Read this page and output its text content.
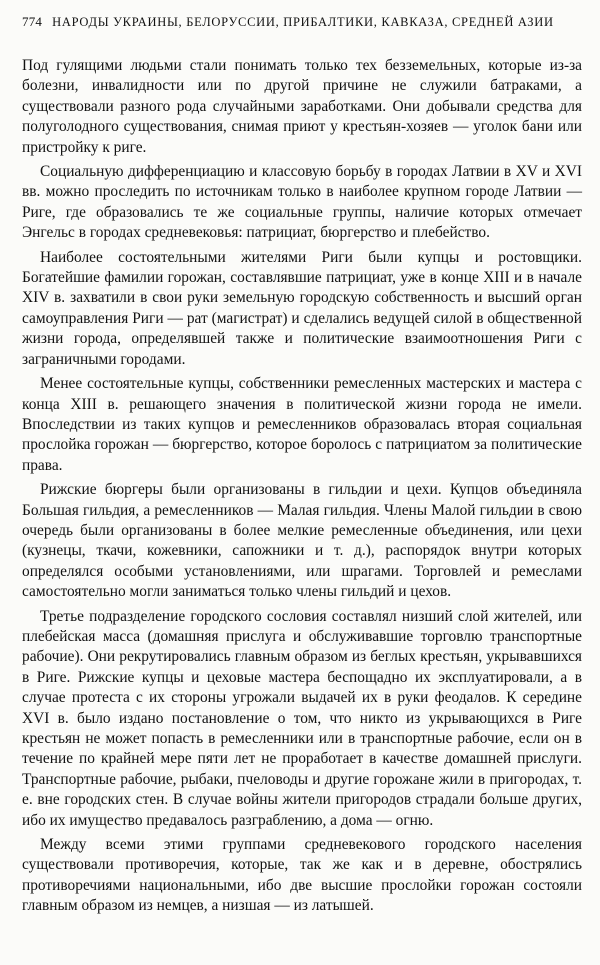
774 НАРОДЫ УКРАИНЫ, БЕЛОРУССИИ, ПРИБАЛТИКИ, КАВКАЗА, СРЕДНЕЙ АЗИИ

Под гулящими людьми стали понимать только тех безземельных, которые из-за болезни, инвалидности или по другой причине не служили батраками, а существовали разного рода случайными заработками. Они добывали средства для полуголодного существования, снимая приют у крестьян-хозяев — уголок бани или пристройку к риге.

Социальную дифференциацию и классовую борьбу в городах Латвии в XV и XVI вв. можно проследить по источникам только в наиболее крупном городе Латвии — Риге, где образовались те же социальные группы, наличие которых отмечает Энгельс в городах средневековья: патрициат, бюргерство и плебейство.

Наиболее состоятельными жителями Риги были купцы и ростовщики. Богатейшие фамилии горожан, составлявшие патрициат, уже в конце XIII и в начале XIV в. захватили в свои руки земельную городскую собственность и высший орган самоуправления Риги — рат (магистрат) и сделались ведущей силой в общественной жизни города, определявшей также и политические взаимоотношения Риги с заграничными городами.

Менее состоятельные купцы, собственники ремесленных мастерских и мастера с конца XIII в. решающего значения в политической жизни города не имели. Впоследствии из таких купцов и ремесленников образовалась вторая социальная прослойка горожан — бюргерство, которое боролось с патрициатом за политические права.

Рижские бюргеры были организованы в гильдии и цехи. Купцов объединяла Большая гильдия, а ремесленников — Малая гильдия. Члены Малой гильдии в свою очередь были организованы в более мелкие ремесленные объединения, или цехи (кузнецы, ткачи, кожевники, сапожники и т. д.), распорядок внутри которых определялся особыми установлениями, или шрагами. Торговлей и ремеслами самостоятельно могли заниматься только члены гильдий и цехов.

Третье подразделение городского сословия составлял низший слой жителей, или плебейская масса (домашняя прислуга и обслуживавшие торговлю транспортные рабочие). Они рекрутировались главным образом из беглых крестьян, укрывавшихся в Риге. Рижские купцы и цеховые мастера беспощадно их эксплуатировали, а в случае протеста с их стороны угрожали выдачей их в руки феодалов. К середине XVI в. было издано постановление о том, что никто из укрывающихся в Риге крестьян не может попасть в ремесленники или в транспортные рабочие, если он в течение по крайней мере пяти лет не проработает в качестве домашней прислуги. Транспортные рабочие, рыбаки, пчеловоды и другие горожане жили в пригородах, т. е. вне городских стен. В случае войны жители пригородов страдали больше других, ибо их имущество предавалось разграблению, а дома — огню.

Между всеми этими группами средневекового городского населения существовали противоречия, которые, так же как и в деревне, обострялись противоречиями национальными, ибо две высшие прослойки горожан состояли главным образом из немцев, а низшая — из латышей.
